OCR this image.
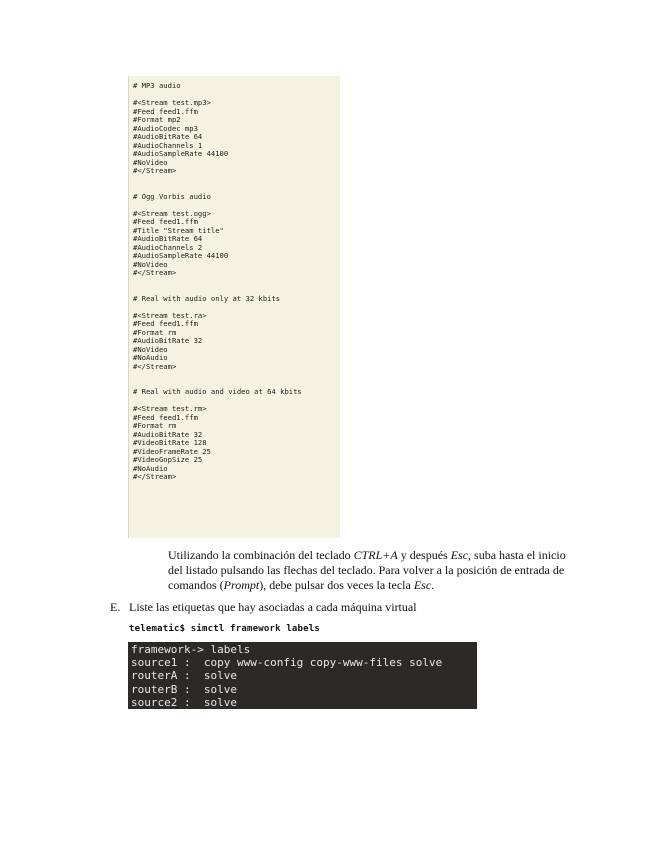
# MP3 audio
#<Stream test.mp3>
#Feed feed1.ffm
#Format mp2
#AudioCodec mp3
#AudioBitRate 64
#AudioChannels 1
#AudioSampleRate 44100
#NoVideo
#</Stream>
# Ogg Vorbis audio
#<Stream test.ogg>
#Feed feed1.ffm
#Title "Stream title"
#AudioBitRate 64
#AudioChannels 2
#AudioSampleRate 44100
#NoVideo
#</Stream>
# Real with audio only at 32 kbits
#<Stream test.ra>
#Feed feed1.ffm
#Format rm
#AudioBitRate 32
#NoVideo
#NoAudio
#</Stream>
# Real with audio and video at 64 kbits
#<Stream test.rm>
#Feed feed1.ffm
#Format rm
#AudioBitRate 32
#VideoBitRate 128
#VideoFrameRate 25
#VideoGopSize 25
#NoAudio
#</Stream>
Utilizando la combinación del teclado CTRL+A y después Esc, suba hasta el inicio del listado pulsando las flechas del teclado. Para volver a la posición de entrada de comandos (Prompt), debe pulsar dos veces la tecla Esc.
E. Liste las etiquetas que hay asociadas a cada máquina virtual
telematic$ simctl framework labels
framework-> labels
source1 :  copy www-config copy-www-files solve
routerA :  solve
routerB :  solve
source2 :  solve
